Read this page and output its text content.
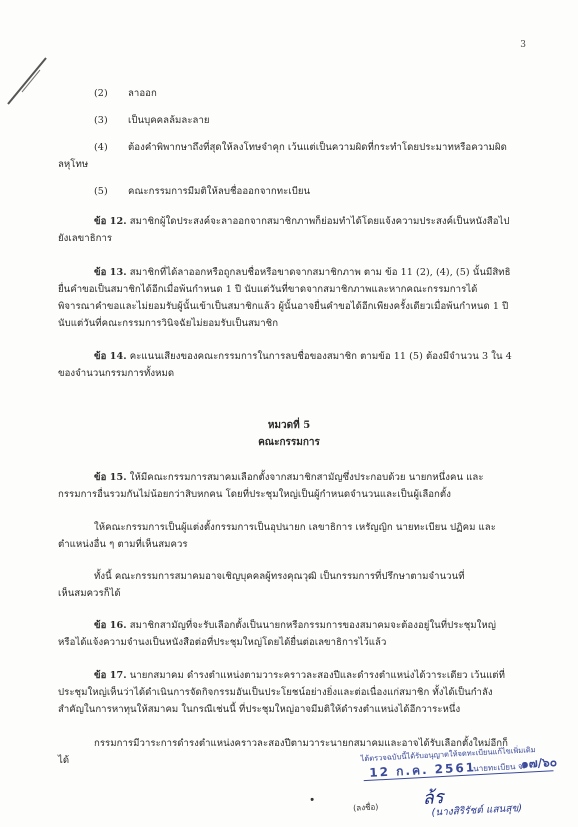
3
(2) ลาออก
(3) เป็นบุคคลล้มละลาย
(4) ต้องคำพิพากษาถึงที่สุดให้ลงโทษจำคุก เว้นแต่เป็นความผิดที่กระทำโดยประมาทหรือความผิด
ลหุโทษ
(5) คณะกรรมการมีมติให้ลบชื่อออกจากทะเบียน
ข้อ 12. สมาชิกผู้ใดประสงค์จะลาออกจากสมาชิกภาพก็ย่อมทำได้โดยแจ้งความประสงค์เป็นหนังสือไป
ยังเลขาธิการ
ข้อ 13. สมาชิกที่ได้ลาออกหรือถูกลบชื่อหรือขาดจากสมาชิกภาพ ตาม ข้อ 11 (2), (4), (5) นั้นมีสิทธิ
ยื่นคำขอเป็นสมาชิกได้อีกเมื่อพ้นกำหนด 1 ปี นับแต่วันที่ขาดจากสมาชิกภาพและหากคณะกรรมการได้
พิจารณาคำขอและไม่ยอมรับผู้นั้นเข้าเป็นสมาชิกแล้ว ผู้นั้นอาจยื่นคำขอได้อีกเพียงครั้งเดียวเมื่อพ้นกำหนด 1 ปี
นับแต่วันที่คณะกรรมการวินิจฉัยไม่ยอมรับเป็นสมาชิก
ข้อ 14. คะแนนเสียงของคณะกรรมการในการลบชื่อของสมาชิก ตามข้อ 11 (5) ต้องมีจำนวน 3 ใน 4
ของจำนวนกรรมการทั้งหมด
หมวดที่ 5
คณะกรรมการ
ข้อ 15. ให้มีคณะกรรมการสมาคมเลือกตั้งจากสมาชิกสามัญซึ่งประกอบด้วย นายกหนึ่งคน และ
กรรมการอื่นรวมกันไม่น้อยกว่าสิบหกคน โดยที่ประชุมใหญ่เป็นผู้กำหนดจำนวนและเป็นผู้เลือกตั้ง
ให้คณะกรรมการเป็นผู้แต่งตั้งกรรมการเป็นอุปนายก เลขาธิการ เหรัญญิก นายทะเบียน ปฏิคม และ
ตำแหน่งอื่น ๆ ตามที่เห็นสมควร
ทั้งนี้ คณะกรรมการสมาคมอาจเชิญบุคคลผู้ทรงคุณวุฒิ เป็นกรรมการที่ปรึกษาตามจำนวนที่
เห็นสมควรก็ได้
ข้อ 16. สมาชิกสามัญที่จะรับเลือกตั้งเป็นนายกหรือกรรมการของสมาคมจะต้องอยู่ในที่ประชุมใหญ่
หรือได้แจ้งความจำนงเป็นหนังสือต่อที่ประชุมใหญ่โดยได้ยื่นต่อเลขาธิการไว้แล้ว
ข้อ 17. นายกสมาคม ดำรงตำแหน่งตามวาระคราวละสองปีและดำรงตำแหน่งได้วาระเดียว เว้นแต่ที่
ประชุมใหญ่เห็นว่าได้ดำเนินการจัดกิจกรรมอันเป็นประโยชน์อย่างยิ่งและต่อเนื่องแก่สมาชิก ทั้งได้เป็นกำลัง
สำคัญในการหาทุนให้สมาคม ในกรณีเช่นนี้ ที่ประชุมใหญ่อาจมีมติให้ดำรงตำแหน่งได้อีกวาระหนึ่ง
กรรมการมีวาระการดำรงตำแหน่งคราวละสองปีตามวาระนายกสมาคมและอาจได้รับเลือกตั้งใหม่อีกก็
ได้	ได้ตรวจฉบับนี้ได้รับอนุญาตให้จดทะเบียนแก้ไขเพิ่มเติม
12 ก.ค. 2561
นายทะเบียน จ.
๑๗/๖๐
(ลงชื่อ) ล้ร
(นางสิริรัชต์ แสนสุข)
